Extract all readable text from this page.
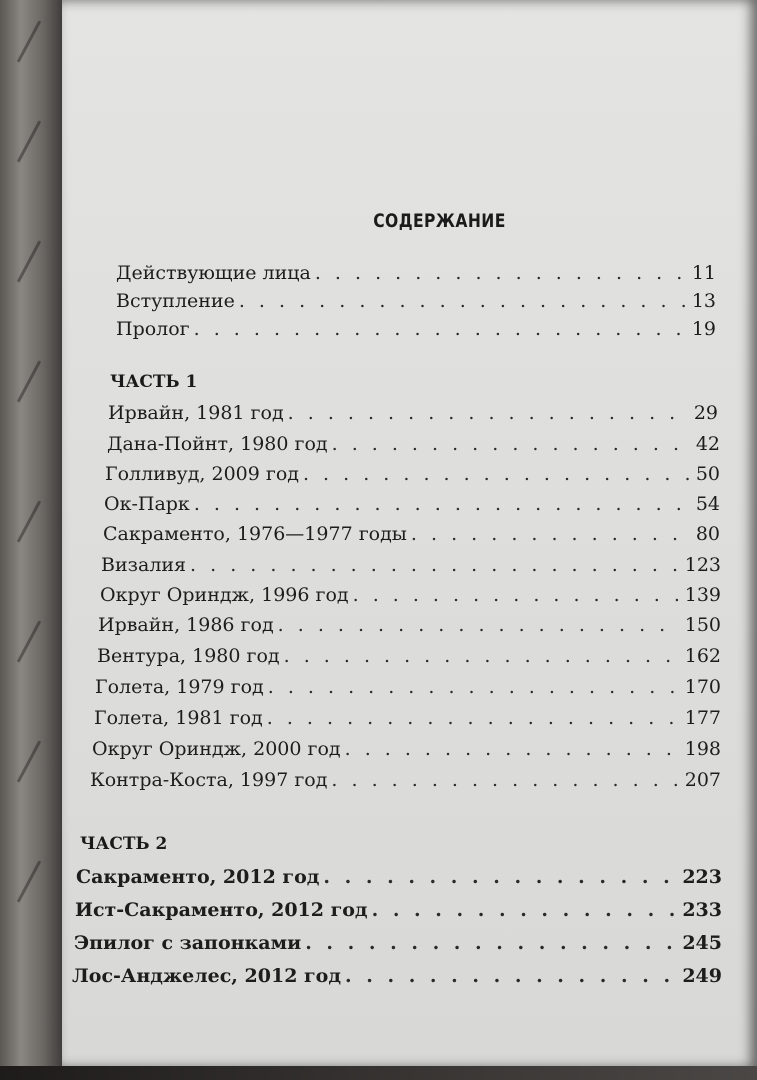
СОДЕРЖАНИЕ
Действующие лица . . .	11
Вступление . . .	13
Пролог . . .	19
ЧАСТЬ 1
Ирвайн, 1981 год . . .	29
Дана-Пойнт, 1980 год . . .	42
Голливуд, 2009 год . . .	50
Ок-Парк . . .	54
Сакраменто, 1976—1977 годы . . .	80
Визалия . . .	123
Округ Ориндж, 1996 год . . .	139
Ирвайн, 1986 год . . .	150
Вентура, 1980 год . . .	162
Голета, 1979 год . . .	170
Голета, 1981 год . . .	177
Округ Ориндж, 2000 год . . .	198
Контра-Коста, 1997 год . . .	207
ЧАСТЬ 2
Сакраменто, 2012 год . . .	223
Ист-Сакраменто, 2012 год . . .	233
Эпилог с запонками . . .	245
Лос-Анджелес, 2012 год . . .	249
